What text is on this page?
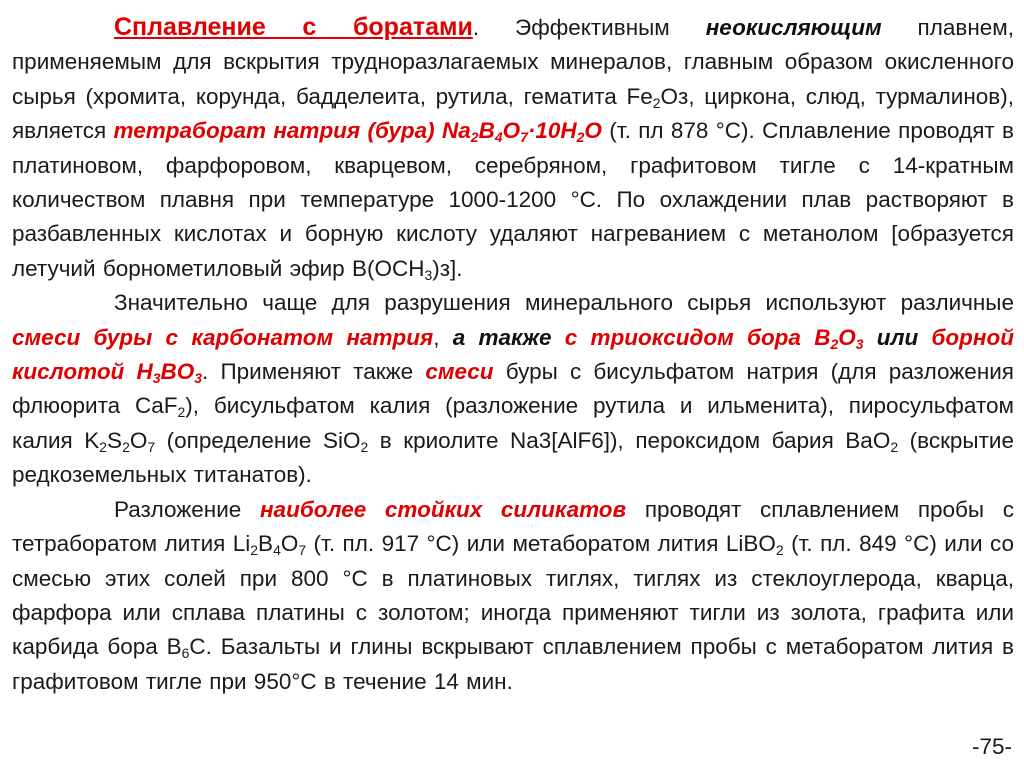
Сплавление с боратами. Эффективным неокисляющим плавнем, применяемым для вскрытия трудноразлагаемых минералов, главным образом окисленного сырья (хромита, корунда, бадделеита, рутила, гематита $Fe_2Oз$, циркона, слюд, турмалинов), является тетраборат натрия (бура) $Na_2B_4O_7\cdot 10H_2O$ (т. пл 878 °С). Сплавление проводят в платиновом, фарфоровом, кварцевом, серебряном, графитовом тигле с 14-кратным количеством плавня при температуре 1000-1200 °С. По охлаждении плав растворяют в разбавленных кислотах и борную кислоту удаляют нагреванием с метанолом [образуется летучий борнометиловый эфир $B(OCH_3)з$].

Значительно чаще для разрушения минерального сырья используют различные смеси буры с карбонатом натрия, а также с триоксидом бора $B_2O_3$ или борной кислотой $H_3BO_3$. Применяют также смеси буры с бисульфатом натрия (для разложения флюорита CaF$_2$), бисульфатом калия (разложение рутила и ильменита), пиросульфатом калия $K_2S_2O_7$ (определение SiO$_2$ в криолите Na3[AlF6]), пероксидом бария BaO$_2$ (вскрытие редкоземельных титанатов).

Разложение наиболее стойких силикатов проводят сплавлением пробы с тетраборатом лития $Li_2B_4O_7$ (т. пл. 917 °С) или метаборатом лития LiBO$_2$ (т. пл. 849 °С) или со смесью этих солей при 800 °С в платиновых тиглях, тиглях из стеклоуглерода, кварца, фарфора или сплава платины с золотом; иногда применяют тигли из золота, графита или карбида бора $B_6C$. Базальты и глины вскрывают сплавлением пробы с метаборатом лития в графитовом тигле при 950°С в течение 14 мин.

-75-
